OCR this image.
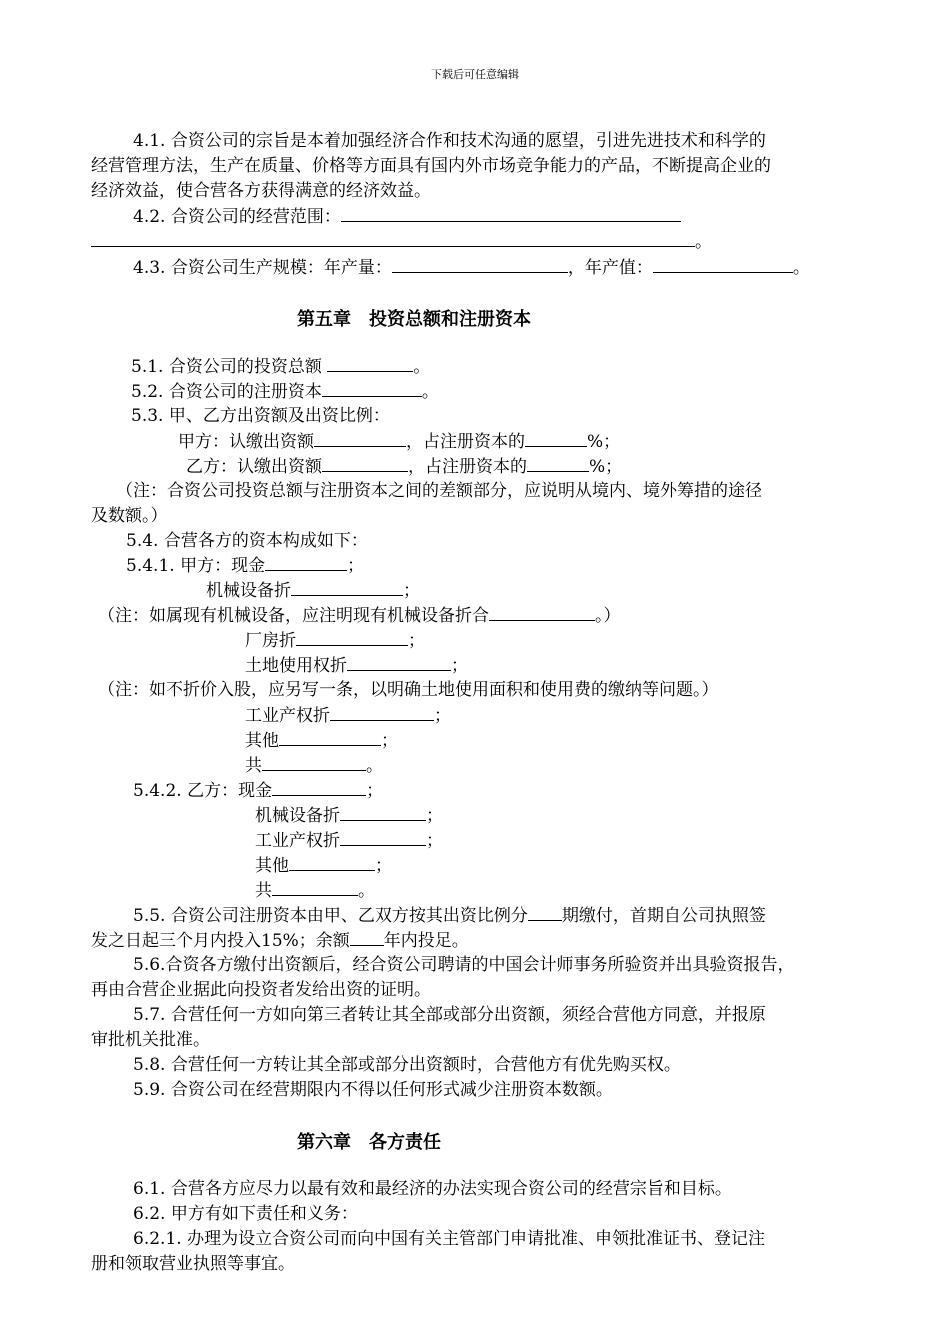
下载后可任意编辑
4.1. 合资公司的宗旨是本着加强经济合作和技术沟通的愿望，引进先进技术和科学的
经营管理方法，生产在质量、价格等方面具有国内外市场竞争能力的产品，不断提高企业的
经济效益，使合营各方获得满意的经济效益。
4.2. 合资公司的经营范围：
。
4.3. 合资公司生产规模：年产量：	，年产值：	。
第五章　投资总额和注册资本
5.1. 合资公司的投资总额	。
5.2. 合资公司的注册资本	。
5.3. 甲、乙方出资额及出资比例：
甲方：认缴出资额	，占注册资本的	%；
乙方：认缴出资额	，占注册资本的	%；
（注：合资公司投资总额与注册资本之间的差额部分，应说明从境内、境外筹措的途径
及数额。）
5.4. 合营各方的资本构成如下：
5.4.1. 甲方：现金	；
机械设备折	；
（注：如属现有机械设备，应注明现有机械设备折合	。）
厂房折	；
土地使用权折	；
（注：如不折价入股，应另写一条，以明确土地使用面积和使用费的缴纳等问题。）
工业产权折	；
其他	；
共	。
5.4.2. 乙方：现金	；
机械设备折	；
工业产权折	；
其他	；
共	。
5.5. 合资公司注册资本由甲、乙双方按其出资比例分 期缴付，首期自公司执照签
发之日起三个月内投入15%；余额 年内投足。
5.6.合资各方缴付出资额后，经合资公司聘请的中国会计师事务所验资并出具验资报告，
再由合营企业据此向投资者发给出资的证明。
5.7. 合营任何一方如向第三者转让其全部或部分出资额，须经合营他方同意，并报原
审批机关批准。
5.8. 合营任何一方转让其全部或部分出资额时，合营他方有优先购买权。
5.9. 合资公司在经营期限内不得以任何形式减少注册资本数额。
第六章　各方责任
6.1. 合营各方应尽力以最有效和最经济的办法实现合资公司的经营宗旨和目标。
6.2. 甲方有如下责任和义务：
6.2.1. 办理为设立合资公司而向中国有关主管部门申请批准、申领批准证书、登记注
册和领取营业执照等事宜。
